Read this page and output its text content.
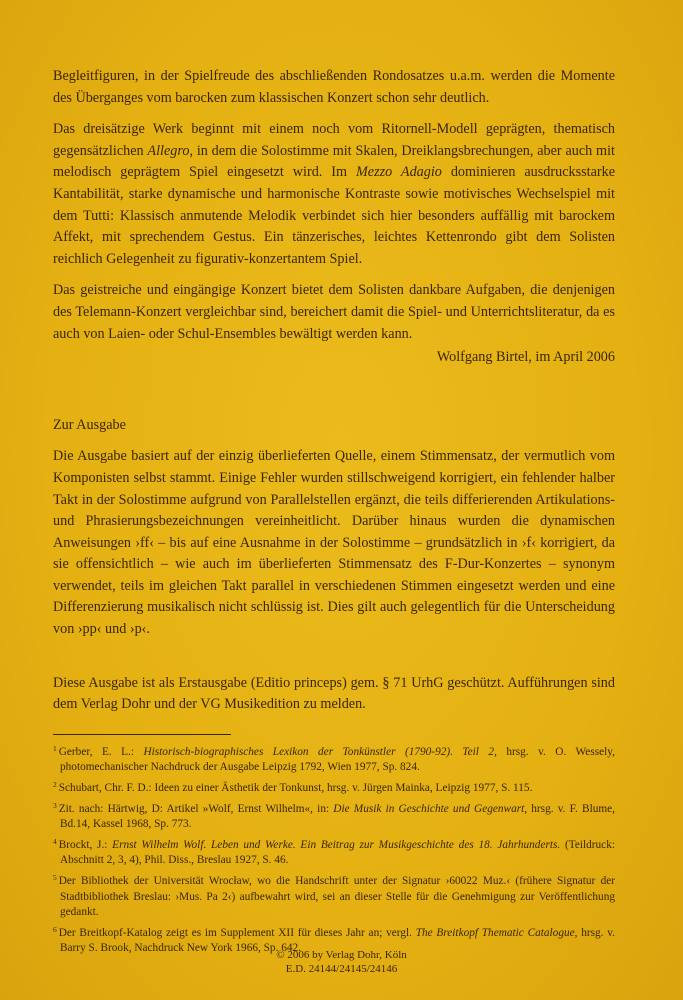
Begleitfiguren, in der Spielfreude des abschließenden Rondosatzes u.a.m. werden die Momente des Überganges vom barocken zum klassischen Konzert schon sehr deutlich.

Das dreisätzige Werk beginnt mit einem noch vom Ritornell-Modell geprägten, thematisch gegensätzlichen Allegro, in dem die Solostimme mit Skalen, Dreiklangsbrechungen, aber auch mit melodisch geprägtem Spiel eingesetzt wird. Im Mezzo Adagio dominieren ausdrucksstarke Kantabilität, starke dynamische und harmonische Kontraste sowie motivisches Wechselspiel mit dem Tutti: Klassisch anmutende Melodik verbindet sich hier besonders auffällig mit barockem Affekt, mit sprechendem Gestus. Ein tänzerisches, leichtes Kettenrondo gibt dem Solisten reichlich Gelegenheit zu figurativ-konzertantem Spiel.

Das geistreiche und eingängige Konzert bietet dem Solisten dankbare Aufgaben, die denjenigen des Telemann-Konzert vergleichbar sind, bereichert damit die Spiel- und Unterrichtsliteratur, da es auch von Laien- oder Schul-Ensembles bewältigt werden kann.

Wolfgang Birtel, im April 2006

Zur Ausgabe

Die Ausgabe basiert auf der einzig überlieferten Quelle, einem Stimmensatz, der vermutlich vom Komponisten selbst stammt. Einige Fehler wurden stillschweigend korrigiert, ein fehlender halber Takt in der Solostimme aufgrund von Parallelstellen ergänzt, die teils differierenden Artikulations- und Phrasierungsbezeichnungen vereinheitlicht. Darüber hinaus wurden die dynamischen Anweisungen ›ff‹ – bis auf eine Ausnahme in der Solostimme – grundsätzlich in ›f‹ korrigiert, da sie offensichtlich – wie auch im überlieferten Stimmensatz des F-Dur-Konzertes – synonym verwendet, teils im gleichen Takt parallel in verschiedenen Stimmen eingesetzt werden und eine Differenzierung musikalisch nicht schlüssig ist. Dies gilt auch gelegentlich für die Unterscheidung von ›pp‹ und ›p‹.

Diese Ausgabe ist als Erstausgabe (Editio princeps) gem. § 71 UrhG geschützt. Aufführungen sind dem Verlag Dohr und der VG Musikedition zu melden.

$^1$ Gerber, E. L.: Historisch-biographisches Lexikon der Tonkünstler (1790-92). Teil 2, hrsg. v. O. Wessely, photomechanischer Nachdruck der Ausgabe Leipzig 1792, Wien 1977, Sp. 824.

$^2$ Schubart, Chr. F. D.: Ideen zu einer Ästhetik der Tonkunst, hrsg. v. Jürgen Mainka, Leipzig 1977, S. 115.

$^3$ Zit. nach: Härtwig, D: Artikel »Wolf, Ernst Wilhelm«, in: Die Musik in Geschichte und Gegenwart, hrsg. v. F. Blume, Bd.14, Kassel 1968, Sp. 773.

$^4$ Brockt, J.: Ernst Wilhelm Wolf. Leben und Werke. Ein Beitrag zur Musikgeschichte des 18. Jahrhunderts. (Teildruck: Abschnitt 2, 3, 4), Phil. Diss., Breslau 1927, S. 46.

$^5$ Der Bibliothek der Universität Wrocław, wo die Handschrift unter der Signatur ›60022 Muz.‹ (frühere Signatur der Stadtbibliothek Breslau: ›Mus. Pa 2‹) aufbewahrt wird, sei an dieser Stelle für die Genehmigung zur Veröffentlichung gedankt.

$^6$ Der Breitkopf-Katalog zeigt es im Supplement XII für dieses Jahr an; vergl. The Breitkopf Thematic Catalogue, hrsg. v. Barry S. Brook, Nachdruck New York 1966, Sp. 642.

© 2006 by Verlag Dohr, Köln
E.D. 24144/24145/24146
